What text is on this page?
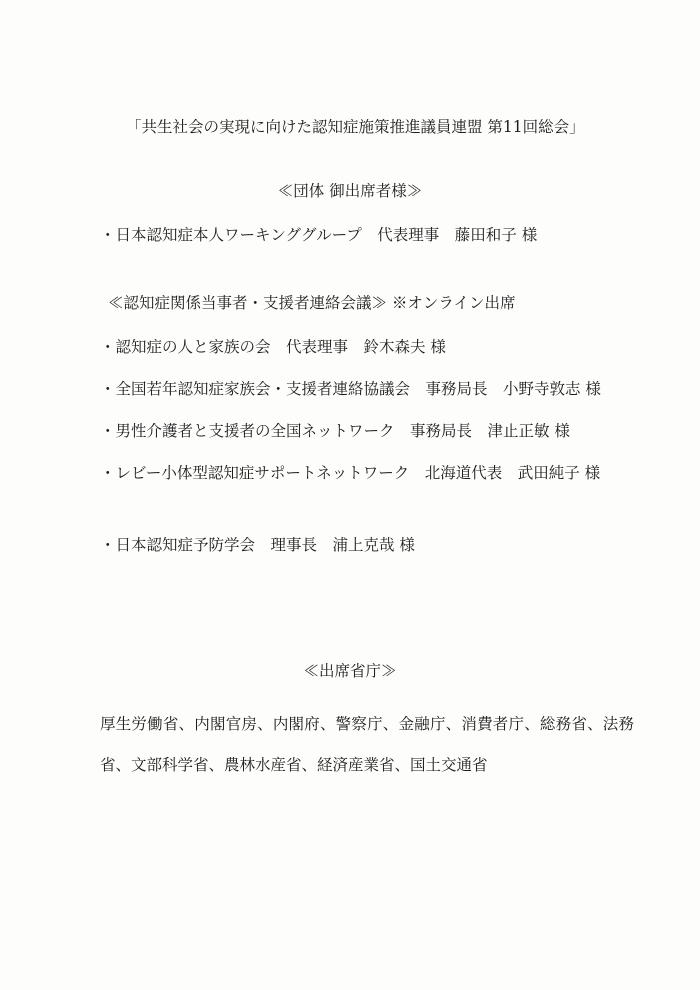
「共生社会の実現に向けた認知症施策推進議員連盟 第11回総会」
≪団体 御出席者様≫
・日本認知症本人ワーキンググループ　代表理事　藤田和子 様
≪認知症関係当事者・支援者連絡会議≫ ※オンライン出席
・認知症の人と家族の会　代表理事　鈴木森夫 様
・全国若年認知症家族会・支援者連絡協議会　事務局長　小野寺敦志 様
・男性介護者と支援者の全国ネットワーク　事務局長　津止正敏 様
・レビー小体型認知症サポートネットワーク　北海道代表　武田純子 様
・日本認知症予防学会　理事長　浦上克哉 様
≪出席省庁≫
厚生労働省、内閣官房、内閣府、警察庁、金融庁、消費者庁、総務省、法務省、文部科学省、農林水産省、経済産業省、国土交通省
